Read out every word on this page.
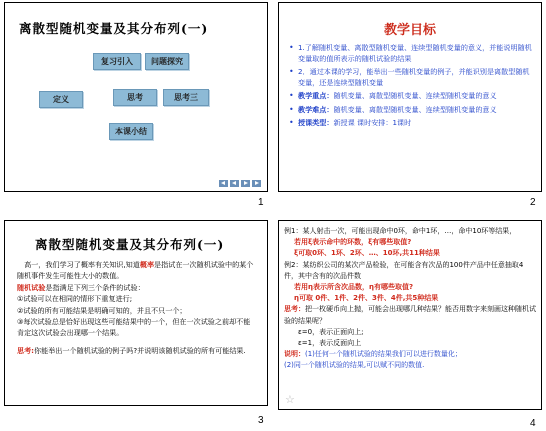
离散型随机变量及其分布列(一)
复习引入	问题探究
定义	思考	思考三
本课小结
1
教学目标
• 1.了解随机变量、离散型随机变量、连续型随机变量的意义，并能说明随机变量取的值所表示的随机试验的结果
• 2．通过本课的学习，能举出一些随机变量的例子，并能识别是离散型随机变量，还是连续型随机变量
• 教学重点：随机变量、离散型随机变量、连续型随机变量的意义
• 教学难点：随机变量、离散型随机变量、连续型随机变量的意义
• 授课类型：新授课 课时安排：1课时
2
离散型随机变量及其分布列(一)

 高一，我们学习了概率有关知识,知道概率是指试在一次随机试验中的某个随机事件发生可能性大小的数值。

随机试验是指满足下列三个条件的试验：

①试验可以在相同的情形下重复进行;

②试验的所有可能结果是明确可知的，并且不只一个；

③每次试验总是恰好出现这些可能结果中的一个，但在一次试验之前却不能肯定这次试验会出现哪一个结果。

思考:你能举出一个随机试验的例子吗?并说明该随机试验的所有可能结果.

3

例1：某人射击一次，可能出现命中0环，命中1环，…，命中10环等结果，

若用ξ表示命中的环数，ξ有哪些取值?

ξ可取0环、1环、2环、…、10环,共11种结果

例2：某纺织公司的某次产品检验，在可能含有次品的100件产品中任意抽取4件，其中含有的次品件数

若用η表示所含次品数，η有哪些取值?

η可取 0件、1件、2件、3件、4件,共5种结果

思考：把一枚硬币向上抛，可能会出现哪几种结果？能否用数字来刻画这种随机试验的结果呢？

ε=0，表示正面向上;

ε=1，表示反面向上

说明：(1)任何一个随机试验的结果我们可以进行数量化；

(2)同一个随机试验的结果,可以赋不同的数值.

☆
4
